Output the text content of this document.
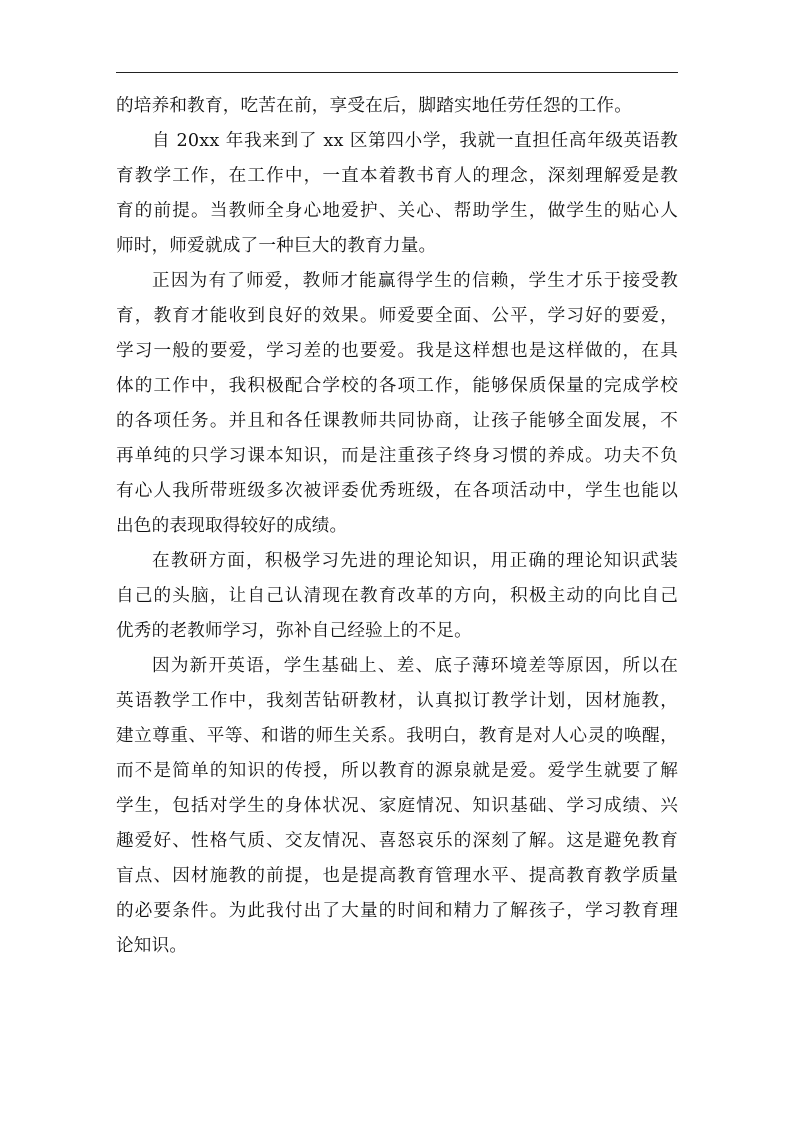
的培养和教育，吃苦在前，享受在后，脚踏实地任劳任怨的工作。
自 20xx 年我来到了 xx 区第四小学，我就一直担任高年级英语教
育教学工作，在工作中，一直本着教书育人的理念，深刻理解爱是教
育的前提。当教师全身心地爱护、关心、帮助学生，做学生的贴心人
师时，师爱就成了一种巨大的教育力量。
正因为有了师爱，教师才能赢得学生的信赖，学生才乐于接受教
育，教育才能收到良好的效果。师爱要全面、公平，学习好的要爱，
学习一般的要爱，学习差的也要爱。我是这样想也是这样做的，在具
体的工作中，我积极配合学校的各项工作，能够保质保量的完成学校
的各项任务。并且和各任课教师共同协商，让孩子能够全面发展，不
再单纯的只学习课本知识，而是注重孩子终身习惯的养成。功夫不负
有心人我所带班级多次被评委优秀班级，在各项活动中，学生也能以
出色的表现取得较好的成绩。
在教研方面，积极学习先进的理论知识，用正确的理论知识武装
自己的头脑，让自己认清现在教育改革的方向，积极主动的向比自己
优秀的老教师学习，弥补自己经验上的不足。
因为新开英语，学生基础上、差、底子薄环境差等原因，所以在
英语教学工作中，我刻苦钻研教材，认真拟订教学计划，因材施教，
建立尊重、平等、和谐的师生关系。我明白，教育是对人心灵的唤醒，
而不是简单的知识的传授，所以教育的源泉就是爱。爱学生就要了解
学生，包括对学生的身体状况、家庭情况、知识基础、学习成绩、兴
趣爱好、性格气质、交友情况、喜怒哀乐的深刻了解。这是避免教育
盲点、因材施教的前提，也是提高教育管理水平、提高教育教学质量
的必要条件。为此我付出了大量的时间和精力了解孩子，学习教育理
论知识。
